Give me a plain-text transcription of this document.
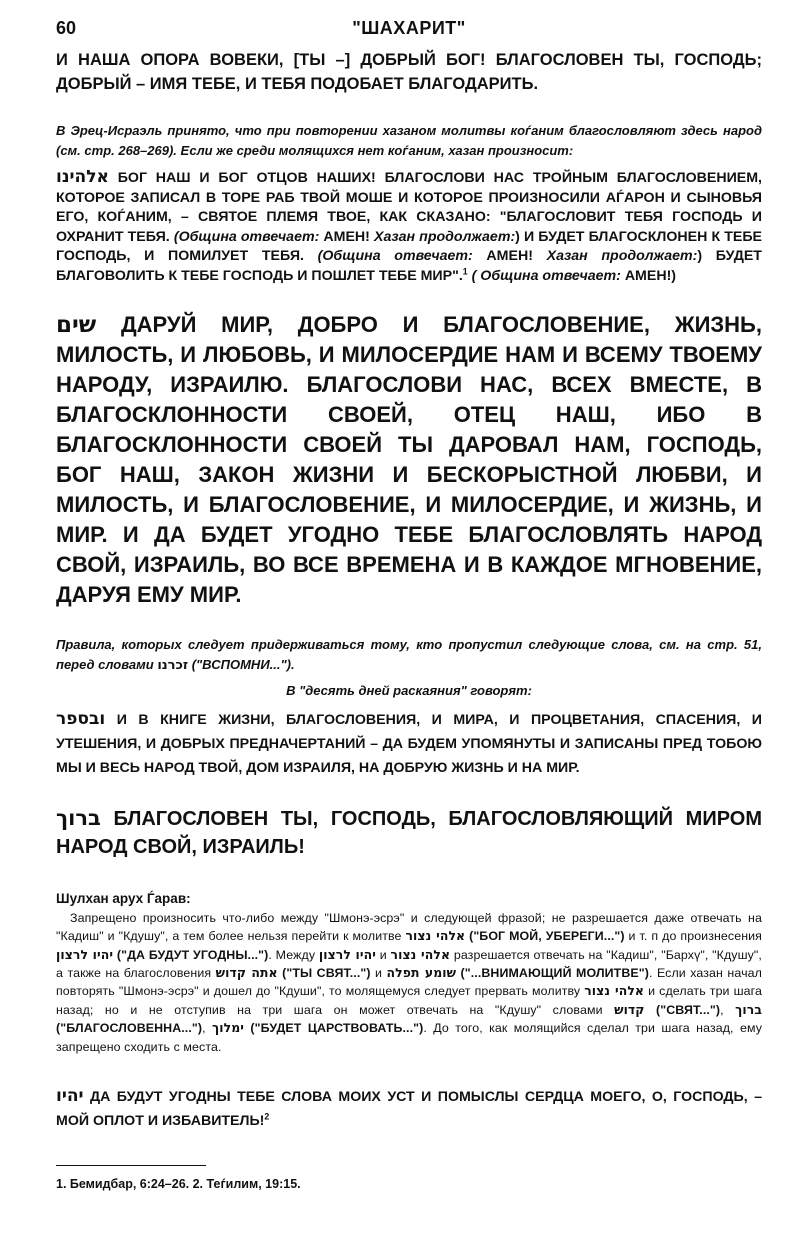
60	"ШАХАРИТ"

И НАША ОПОРА ВОВЕКИ, [ТЫ –] ДОБРЫЙ БОГ! БЛАГОСЛОВЕН ТЫ, ГОСПОДЬ; ДОБРЫЙ – ИМЯ ТЕБЕ, И ТЕБЯ ПОДОБАЕТ БЛАГОДАРИТЬ.

В Эрец-Исраэль принято, что при повторении хазаном молитвы коѓаним благословляют здесь народ (см. стр. 268–269). Если же среди молящихся нет коѓаним, хазан произносит:

אלהינו БОГ НАШ И БОГ ОТЦОВ НАШИХ! БЛАГОСЛОВИ НАС ТРОЙНЫМ БЛАГОСЛОВЕНИЕМ, КОТОРОЕ ЗАПИСАЛ В ТОРЕ РАБ ТВОЙ МОШЕ И КОТОРОЕ ПРОИЗНОСИЛИ АЃАРОН И СЫНОВЬЯ ЕГО, КОЃАНИМ, – СВЯТОЕ ПЛЕМЯ ТВОЕ, КАК СКАЗАНО: "БЛАГОСЛОВИТ ТЕБЯ ГОСПОДЬ И ОХРАНИТ ТЕБЯ. (Община отвечает: АМЕН! Хазан продолжает:) И БУДЕТ БЛАГОСКЛОНЕН К ТЕБЕ ГОСПОДЬ, И ПОМИЛУЕТ ТЕБЯ. (Община отвечает: АМЕН! Хазан продолжает:) БУДЕТ БЛАГОВОЛИТЬ К ТЕБЕ ГОСПОДЬ И ПОШЛЕТ ТЕБЕ МИР".$^1$ ( Община отвечает: АМЕН!)

שים ДАРУЙ МИР, ДОБРО И БЛАГОСЛОВЕНИЕ, ЖИЗНЬ, МИЛОСТЬ, И ЛЮБОВЬ, И МИЛОСЕРДИЕ НАМ И ВСЕМУ ТВОЕМУ НАРОДУ, ИЗРАИЛЮ. БЛАГОСЛОВИ НАС, ВСЕХ ВМЕСТЕ, В БЛАГОСКЛОННОСТИ СВОЕЙ, ОТЕЦ НАШ, ИБО В БЛАГОСКЛОННОСТИ СВОЕЙ ТЫ ДАРОВАЛ НАМ, ГОСПОДЬ, БОГ НАШ, ЗАКОН ЖИЗНИ И БЕСКОРЫСТНОЙ ЛЮБВИ, И МИЛОСТЬ, И БЛАГОСЛОВЕНИЕ, И МИЛОСЕРДИЕ, И ЖИЗНЬ, И МИР. И ДА БУДЕТ УГОДНО ТЕБЕ БЛАГОСЛОВЛЯТЬ НАРОД СВОЙ, ИЗРАИЛЬ, ВО ВСЕ ВРЕМЕНА И В КАЖДОЕ МГНОВЕНИЕ, ДАРУЯ ЕМУ МИР.

Правила, которых следует придерживаться тому, кто пропустил следующие слова, см. на стр. 51, перед словами זכרנו ("ВСПОМНИ...").

В "десять дней раскаяния" говорят:

ובספר И В КНИГЕ ЖИЗНИ, БЛАГОСЛОВЕНИЯ, И МИРА, И ПРОЦВЕТАНИЯ, СПАСЕНИЯ, И УТЕШЕНИЯ, И ДОБРЫХ ПРЕДНАЧЕРТАНИЙ – ДА БУДЕМ УПОМЯНУТЫ И ЗАПИСАНЫ ПРЕД ТОБОЮ МЫ И ВЕСЬ НАРОД ТВОЙ, ДОМ ИЗРАИЛЯ, НА ДОБРУЮ ЖИЗНЬ И НА МИР.

ברוך БЛАГОСЛОВЕН ТЫ, ГОСПОДЬ, БЛАГОСЛОВЛЯЮЩИЙ МИРОМ НАРОД СВОЙ, ИЗРАИЛЬ!

Шулхан арух Ѓарав:

Запрещено произносить что-либо между "Шмонэ-эсрэ" и следующей фразой; не разрешается даже отвечать на "Кадиш" и "Кдушу", а тем более нельзя перейти к молитве אלהי נצור ("БОГ МОЙ, УБЕРЕГИ...") и т. п до произнесения יהיו לרצון ("ДА БУДУТ УГОДНЫ..."). Между יהיו לרצון и אלהי נצור разрешается отвечать на "Кадиш", "Бархү", "Кдушу", а также на благословения אתה קדוש ("ТЫ СВЯТ...") и שומע תפלה ("...ВНИМАЮЩИЙ МОЛИТВЕ"). Если хазан начал повторять "Шмонэ-эсрэ" и дошел до "Кдуши", то молящемуся следует прервать молитву אלהי נצור и сделать три шага назад; но и не отступив на три шага он может отвечать на "Кдушу" словами קדוש ("СВЯТ..."), ברוך ("БЛАГОСЛОВЕННА..."), ימלוך ("БУДЕТ ЦАРСТВОВАТЬ..."). До того, как молящийся сделал три шага назад, ему запрещено сходить с места.

יהיו ДА БУДУТ УГОДНЫ ТЕБЕ СЛОВА МОИХ УСТ И ПОМЫСЛЫ СЕРДЦА МОЕГО, О, ГОСПОДЬ, – МОЙ ОПЛОТ И ИЗБАВИТЕЛЬ!$^2$

1. Бемидбар, 6:24–26. 2. Теѓилим, 19:15.
